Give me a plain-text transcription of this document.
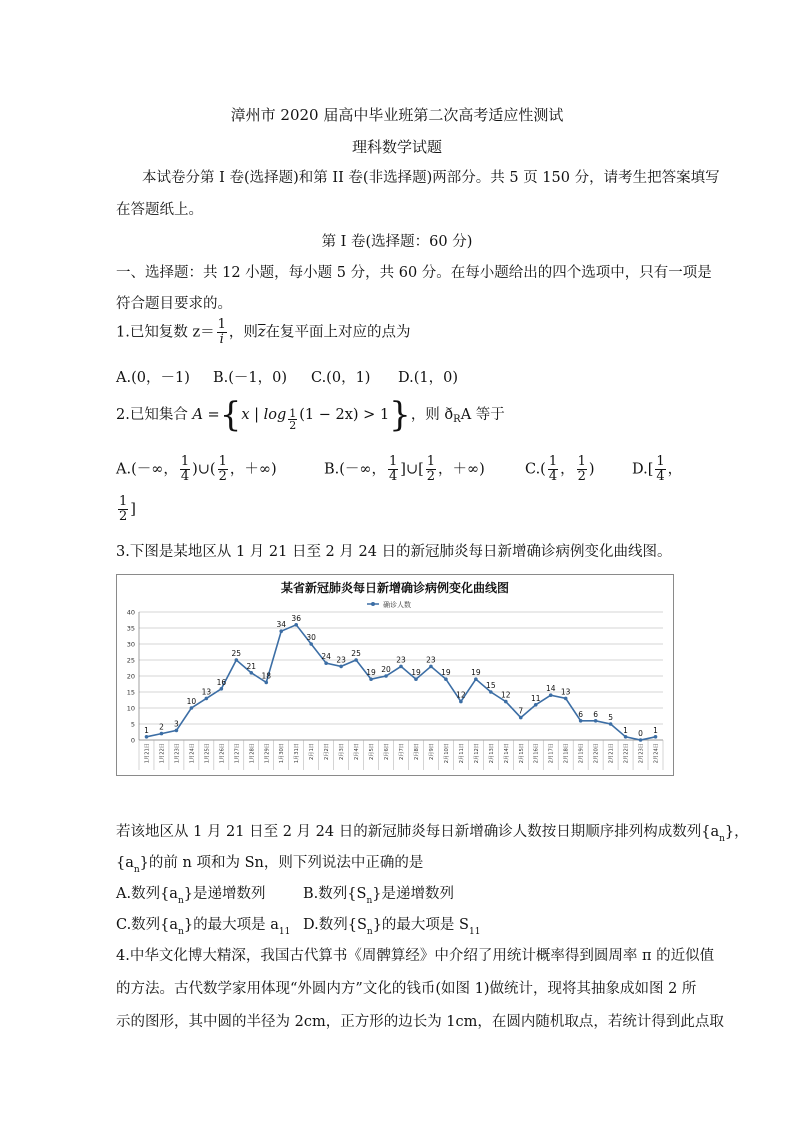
漳州市 2020 届高中毕业班第二次高考适应性测试
理科数学试题
本试卷分第 I 卷(选择题)和第 II 卷(非选择题)两部分。共 5 页 150 分，请考生把答案填写
在答题纸上。
第 I 卷(选择题：60 分)
一、选择题：共 12 小题，每小题 5 分，共 60 分。在每小题给出的四个选项中，只有一项是
符合题目要求的。
1.已知复数 $z= \frac{1}{i}$ ，则$\overline{z}$在复平面上对应的点为
A.(0，－1) B.(－1，0) C.(0，1) D.(1，0)
2.已知集合 A ={x | $\log \frac{1}{2} (1 - 2x) > 1$}，则 $ð_RA$ 等于
A.(－∞， $\frac{1}{4}$ )∪( $\frac{1}{2}$ ，＋∞)	B.(－∞， $\frac{1}{4}$ ]∪[ $\frac{1}{2}$ ，＋∞)	$C.( \frac{1}{4}$ ， $\frac{1}{2}$ )	$D.[ \frac{1}{4}$ ，
$\frac{1}{2}$ ]
3.下图是某地区从 1 月 21 日至 2 月 24 日的新冠肺炎每日新增确诊病例变化曲线图。
某省新冠肺炎每日新增确诊病例变化曲线图
确诊人数
0
5
10
15
20
25
30
35
40
1月21日	1月22日	1月23日	1月24日	1月25日	1月26日	1月27日	1月28日	1月29日	1月30日	1月31日	2月1日	2月2日	2月3日	2月4日	2月5日	2月6日	2月7日	2月8日	2月9日	2月10日	2月11日	2月12日	2月13日	2月14日	2月15日	2月16日	2月17日	2月18日	2月19日	2月20日	2月21日	2月22日	2月23日	2月24日
1 2 3
10
13
16
25
21
18
34
36
30
24 23
25
19 20
23
19
23
19
12
19
15
12
7
11
14 13
6 6 5
1 0 1
若该地区从 1 月 21 日至 2 月 24 日的新冠肺炎每日新增确诊人数按日期顺序排列构成数列$\{a_n\}$，
$\{a_n\}$的前 n 项和为 Sn，则下列说法中正确的是
A.数列$\{a_n\}$是递增数列	B.数列$\{S_n\}$是递增数列
C.数列$\{a_n\}$的最大项是 $a_{11}$ D.数列$\{S_n\}$的最大项是 $S_{11}$
4.中华文化博大精深，我国古代算书《周髀算经》中介绍了用统计概率得到圆周率 π 的近似值
的方法。古代数学家用体现“外圆内方”文化的钱币(如图 1)做统计，现将其抽象成如图 2 所
示的图形，其中圆的半径为 2cm，正方形的边长为 1cm，在圆内随机取点，若统计得到此点取
